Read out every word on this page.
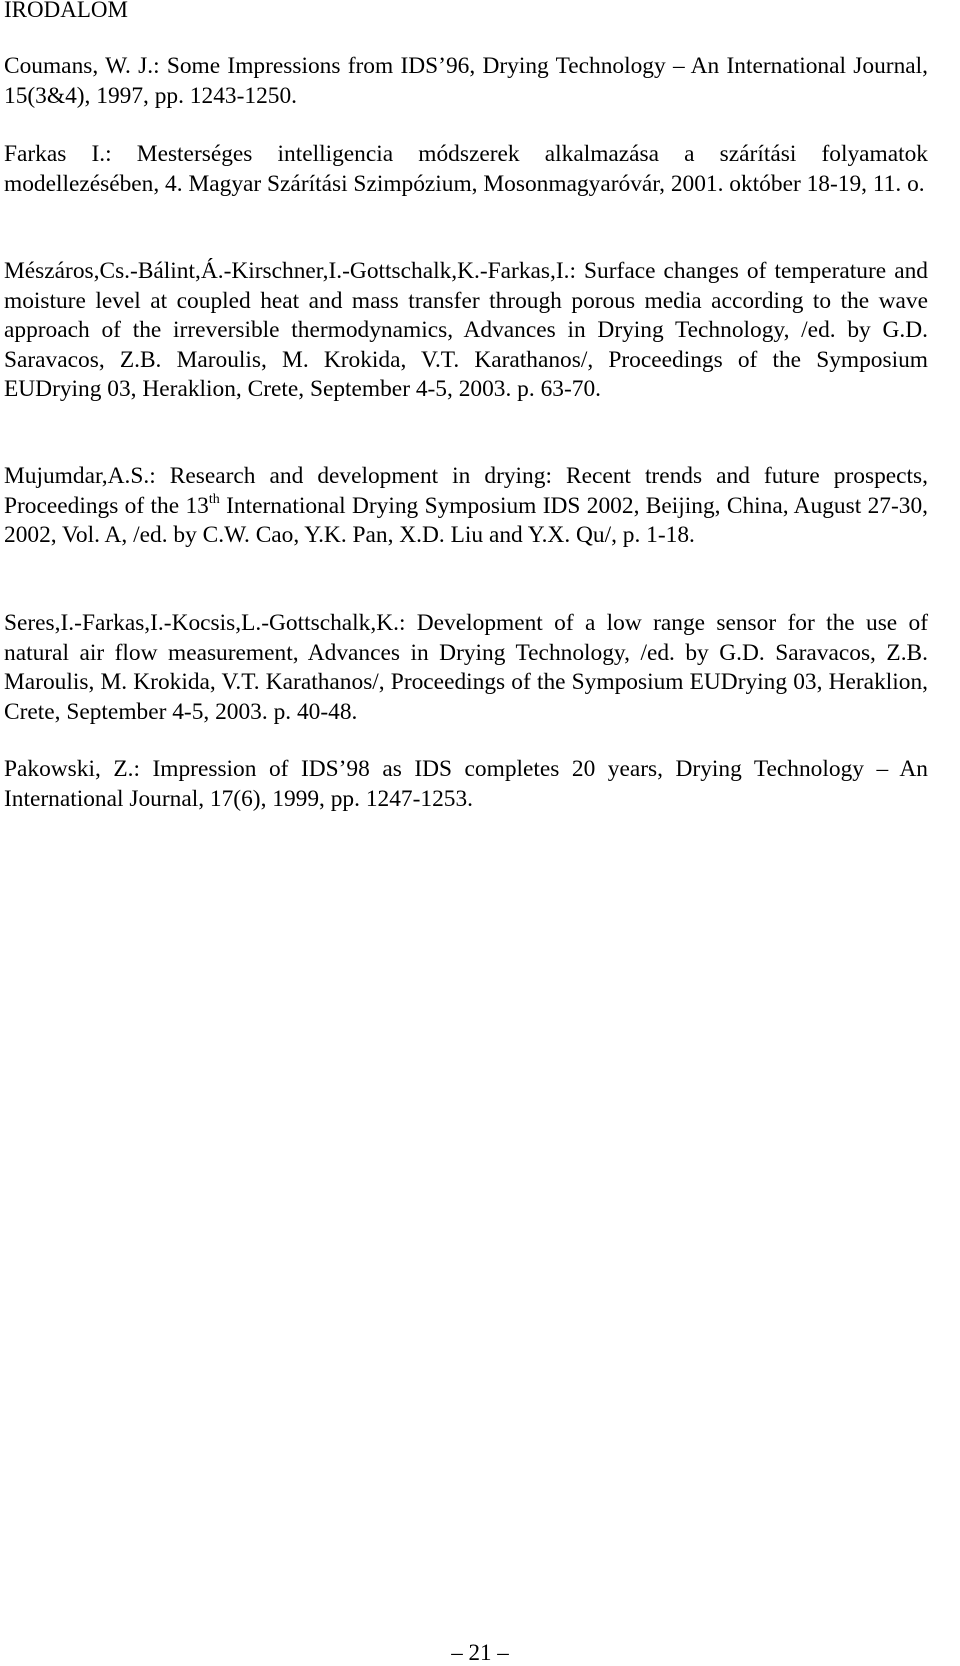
IRODALOM

Coumans, W. J.: Some Impressions from IDS’96, Drying Technology – An International Journal, 15(3&4), 1997, pp. 1243-1250.

Farkas I.: Mesterséges intelligencia módszerek alkalmazása a szárítási folyamatok modellezésében, 4. Magyar Szárítási Szimpózium, Mosonmagyaróvár, 2001. október 18-19, 11. o.

Mészáros,Cs.-Bálint,Á.-Kirschner,I.-Gottschalk,K.-Farkas,I.: Surface changes of temperature and moisture level at coupled heat and mass transfer through porous media according to the wave approach of the irreversible thermodynamics, Advances in Drying Technology, /ed. by G.D. Saravacos, Z.B. Maroulis, M. Krokida, V.T. Karathanos/, Proceedings of the Symposium EUDrying 03, Heraklion, Crete, September 4-5, 2003. p. 63-70.

Mujumdar,A.S.: Research and development in drying: Recent trends and future prospects, Proceedings of the 13th International Drying Symposium IDS 2002, Beijing, China, August 27-30, 2002, Vol. A, /ed. by C.W. Cao, Y.K. Pan, X.D. Liu and Y.X. Qu/, p. 1-18.

Seres,I.-Farkas,I.-Kocsis,L.-Gottschalk,K.: Development of a low range sensor for the use of natural air flow measurement, Advances in Drying Technology, /ed. by G.D. Saravacos, Z.B. Maroulis, M. Krokida, V.T. Karathanos/, Proceedings of the Symposium EUDrying 03, Heraklion, Crete, September 4-5, 2003. p. 40-48.

Pakowski, Z.: Impression of IDS’98 as IDS completes 20 years, Drying Technology – An International Journal, 17(6), 1999, pp. 1247-1253.

– 21 –
